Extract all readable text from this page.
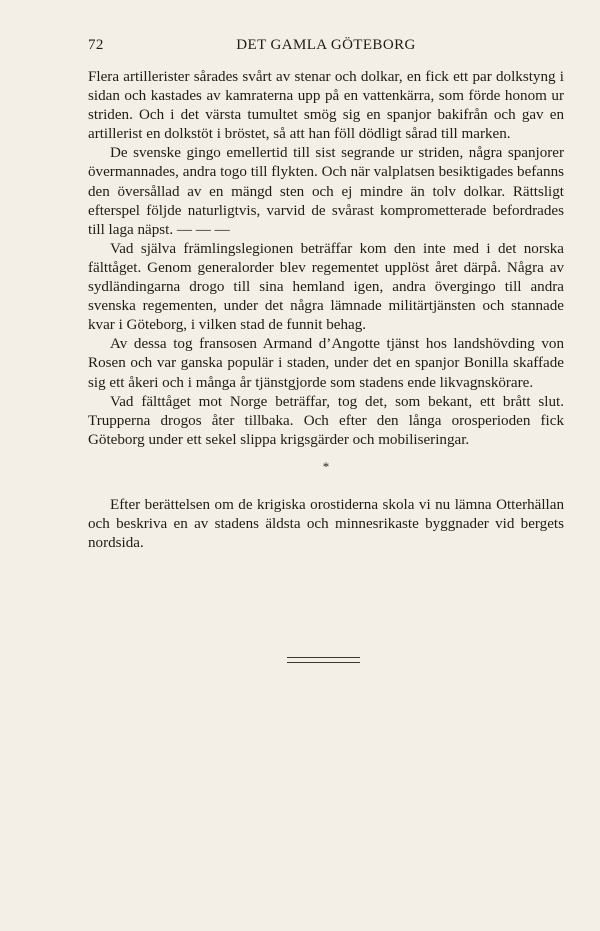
72	DET GAMLA GÖTEBORG

Flera artillerister sårades svårt av stenar och dolkar, en fick ett par dolkstyng i sidan och kastades av kamraterna upp på en vattenkärra, som förde honom ur striden. Och i det värsta tumultet smög sig en spanjor bakifrån och gav en artillerist en dolkstöt i bröstet, så att han föll dödligt sårad till marken.

De svenske gingo emellertid till sist segrande ur striden, några spanjorer övermannades, andra togo till flykten. Och när valplatsen besiktigades befanns den översållad av en mängd sten och ej mindre än tolv dolkar. Rättsligt efterspel följde naturligtvis, varvid de svårast komprometterade befordrades till laga näpst. — — —

Vad själva främlingslegionen beträffar kom den inte med i det norska fälttåget. Genom generalorder blev regementet upplöst året därpå. Några av sydländingarna drogo till sina hemland igen, andra övergingo till andra svenska regementen, under det några lämnade militärtjänsten och stannade kvar i Göteborg, i vilken stad de funnit behag.

Av dessa tog fransosen Armand d’Angotte tjänst hos landshövding von Rosen och var ganska populär i staden, under det en spanjor Bonilla skaffade sig ett åkeri och i många år tjänstgjorde som stadens ende likvagnskörare.

Vad fälttåget mot Norge beträffar, tog det, som bekant, ett brått slut. Trupperna drogos åter tillbaka. Och efter den långa orosperioden fick Göteborg under ett sekel slippa krigsgärder och mobiliseringar.

*

Efter berättelsen om de krigiska orostiderna skola vi nu lämna Otterhällan och beskriva en av stadens äldsta och minnesrikaste byggnader vid bergets nordsida.
